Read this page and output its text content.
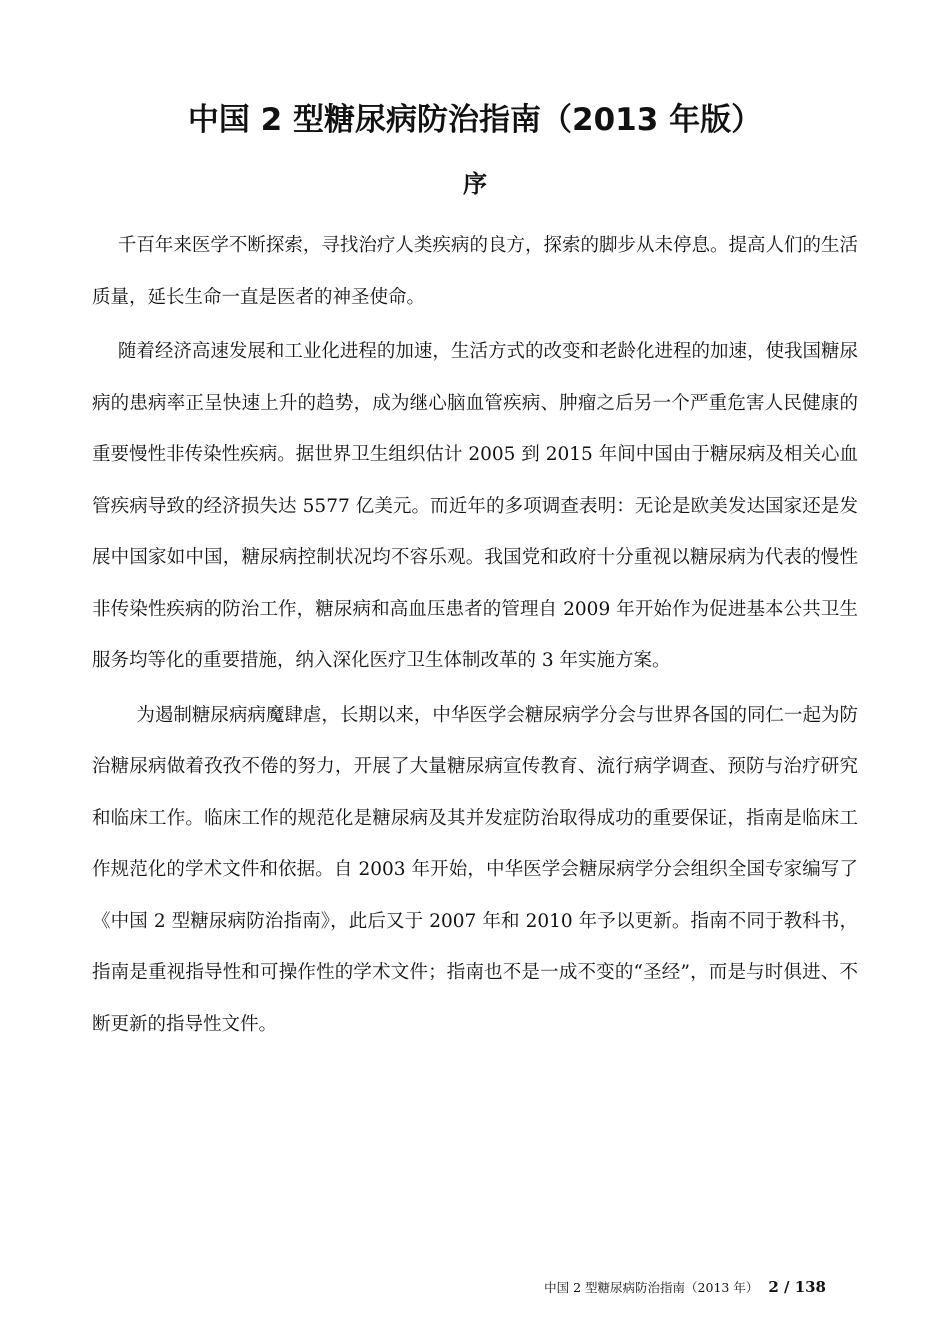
中国 2 型糖尿病防治指南（2013 年版）
序

千百年来医学不断探索，寻找治疗人类疾病的良方，探索的脚步从未停息。提高人们的生活质量，延长生命一直是医者的神圣使命。

随着经济高速发展和工业化进程的加速，生活方式的改变和老龄化进程的加速，使我国糖尿病的患病率正呈快速上升的趋势，成为继心脑血管疾病、肿瘤之后另一个严重危害人民健康的重要慢性非传染性疾病。据世界卫生组织估计 2005 到 2015 年间中国由于糖尿病及相关心血管疾病导致的经济损失达 5577 亿美元。而近年的多项调查表明：无论是欧美发达国家还是发展中国家如中国，糖尿病控制状况均不容乐观。我国党和政府十分重视以糖尿病为代表的慢性非传染性疾病的防治工作，糖尿病和高血压患者的管理自 2009 年开始作为促进基本公共卫生服务均等化的重要措施，纳入深化医疗卫生体制改革的 3 年实施方案。

为遏制糖尿病病魔肆虐，长期以来，中华医学会糖尿病学分会与世界各国的同仁一起为防治糖尿病做着孜孜不倦的努力，开展了大量糖尿病宣传教育、流行病学调查、预防与治疗研究和临床工作。临床工作的规范化是糖尿病及其并发症防治取得成功的重要保证，指南是临床工作规范化的学术文件和依据。自 2003 年开始，中华医学会糖尿病学分会组织全国专家编写了《中国 2 型糖尿病防治指南》，此后又于 2007 年和 2010 年予以更新。指南不同于教科书，指南是重视指导性和可操作性的学术文件；指南也不是一成不变的“圣经”，而是与时俱进、不断更新的指导性文件。

中国 2 型糖尿病防治指南（2013 年） 2 / 138
